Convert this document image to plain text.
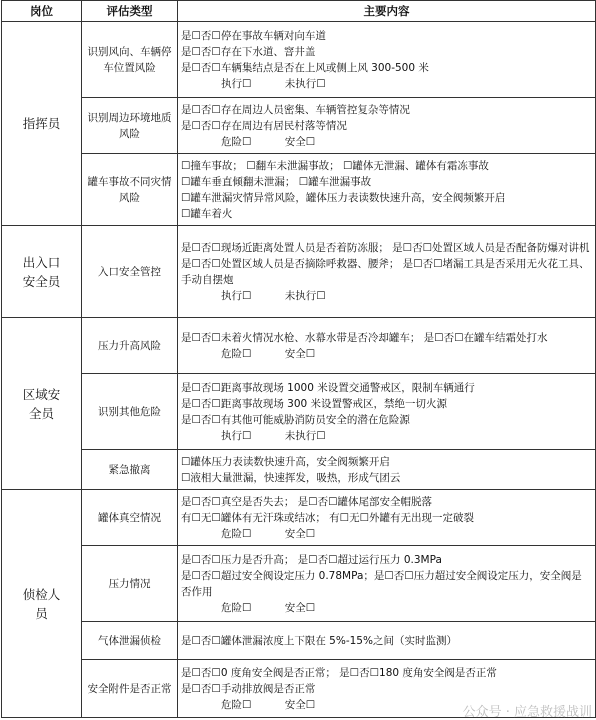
岗位	评估类型	主要内容
指挥员	识别风向、车辆停车位置风险	是☐否☐停在事故车辆对向车道
是☐否☐存在下水道、窨井盖
是☐否☐车辆集结点是否在上风或侧上风 300-500 米
执行☐          未执行☐

	识别周边环境地质风险	是☐否☐存在周边人员密集、车辆管控复杂等情况
是☐否☐存在周边有居民村落等情况
危险☐          安全☐

	罐车事故不同灾情风险	☐撞车事故； ☐翻车未泄漏事故； ☐罐体无泄漏、罐体有霜冻事故
☐罐车垂直倾翻未泄漏； ☐罐车泄漏事故
☐罐车泄漏灾情异常风险，罐体压力表读数快速升高，安全阀频繁开启
☐罐车着火

出入口安全员	入口安全管控	是☐否☐现场近距离处置人员是否着防冻服； 是☐否☐处置区域人员是否配备防爆对讲机
是☐否☐处置区域人员是否摘除呼救器、腰斧； 是☐否☐堵漏工具是否采用无火花工具、手动自摆炮
执行☐          未执行☐

区域安全员	压力升高风险	是☐否☐未着火情况水枪、水幕水带是否冷却罐车； 是☐否☐在罐车结霜处打水
危险☐          安全☐

	识别其他危险	是☐否☐距离事故现场 1000 米设置交通警戒区，限制车辆通行
是☐否☐距离事故现场 300 米设置警戒区，禁绝一切火源
是☐否☐有其他可能威胁消防员安全的潜在危险源
执行☐          未执行☐

	紧急撤离	☐罐体压力表读数快速升高，安全阀频繁开启
☐液相大量泄漏，快速挥发，吸热，形成气团云

侦检人员	罐体真空情况	是☐否☐真空是否失去； 是☐否☐罐体尾部安全帽脱落
有☐无☐罐体有无汗珠或结冰； 有☐无☐外罐有无出现一定破裂
危险☐          安全☐

	压力情况	是☐否☐压力是否升高； 是☐否☐超过运行压力 0.3MPa
是☐否☐超过安全阀设定压力 0.78MPa；是☐否☐压力超过安全阀设定压力，安全阀是否作用
危险☐          安全☐

	气体泄漏侦检	是☐否☐罐体泄漏浓度上下限在 5%-15%之间（实时监测）

	安全附件是否正常	是☐否☐0 度角安全阀是否正常； 是☐否☐180 度角安全阀是否正常
是☐否☐手动排放阀是否正常
危险☐          安全☐
公众号 · 应急救援战训
